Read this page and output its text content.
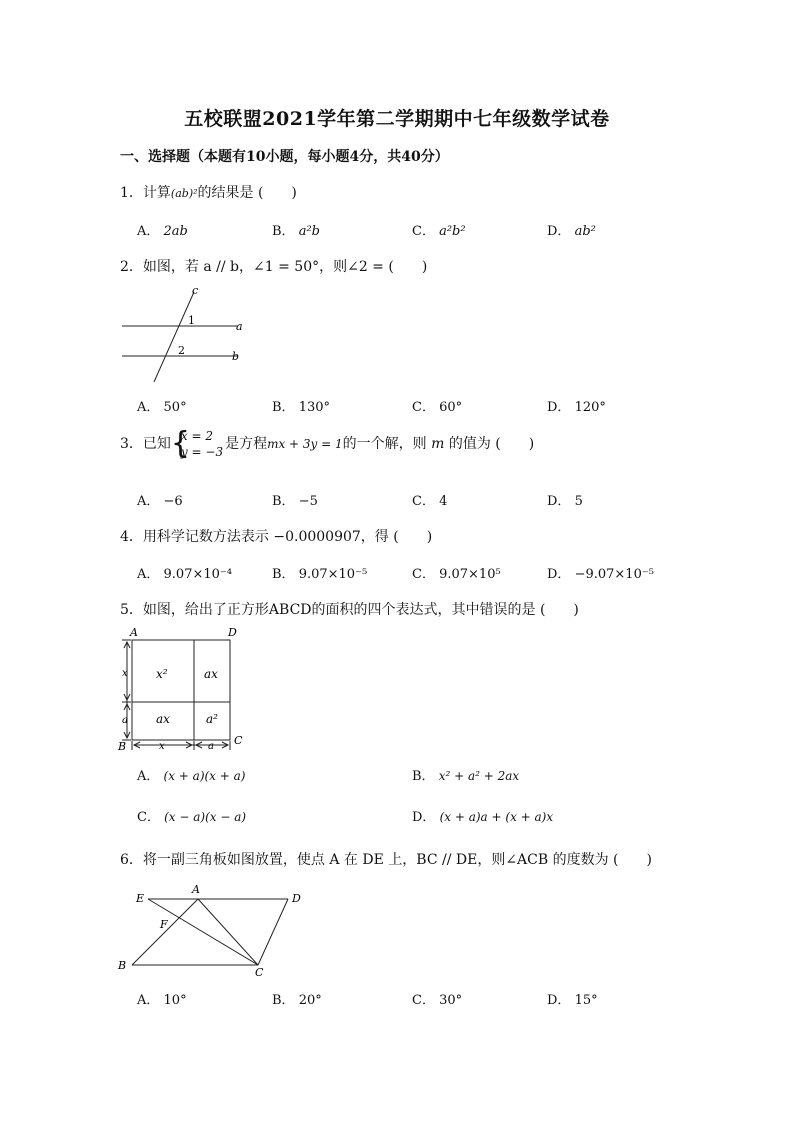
五校联盟2021学年第二学期期中七年级数学试卷
一、选择题（本题有10小题，每小题4分，共40分）
1．计算(ab)²的结果是 (　　)
A． 2ab	B． a²b	C． a²b²	D． ab²
2．如图，若 a // b，∠1 = 50°，则∠2 = (　　)
c
a
b
1
2
A． 50°	B． 130°	C． 60°	D． 120°
3．已知{ x = 2
y = −3 是方程mx + 3y = 1的一个解，则 m 的值为 (　　)
A． −6	B． −5	C． 4	D． 5
4．用科学记数方法表示 −0.0000907，得 (　　)
A． 9.07×10⁻⁴	B． 9.07×10⁻⁵	C． 9.07×10⁵	D． −9.07×10⁻⁵
5．如图，给出了正方形ABCD的面积的四个表达式，其中错误的是 (　　)
A	D
B	C
x²	ax
ax	a²
x
a
x	a
A． (x + a)(x + a)	B． x² + a² + 2ax
C． (x − a)(x − a)	D． (x + a)a + (x + a)x
6．将一副三角板如图放置，使点 A 在 DE 上，BC // DE，则∠ACB 的度数为 (　　)
A
B
C
D
E
F
A． 10°	B． 20°	C． 30°	D． 15°
